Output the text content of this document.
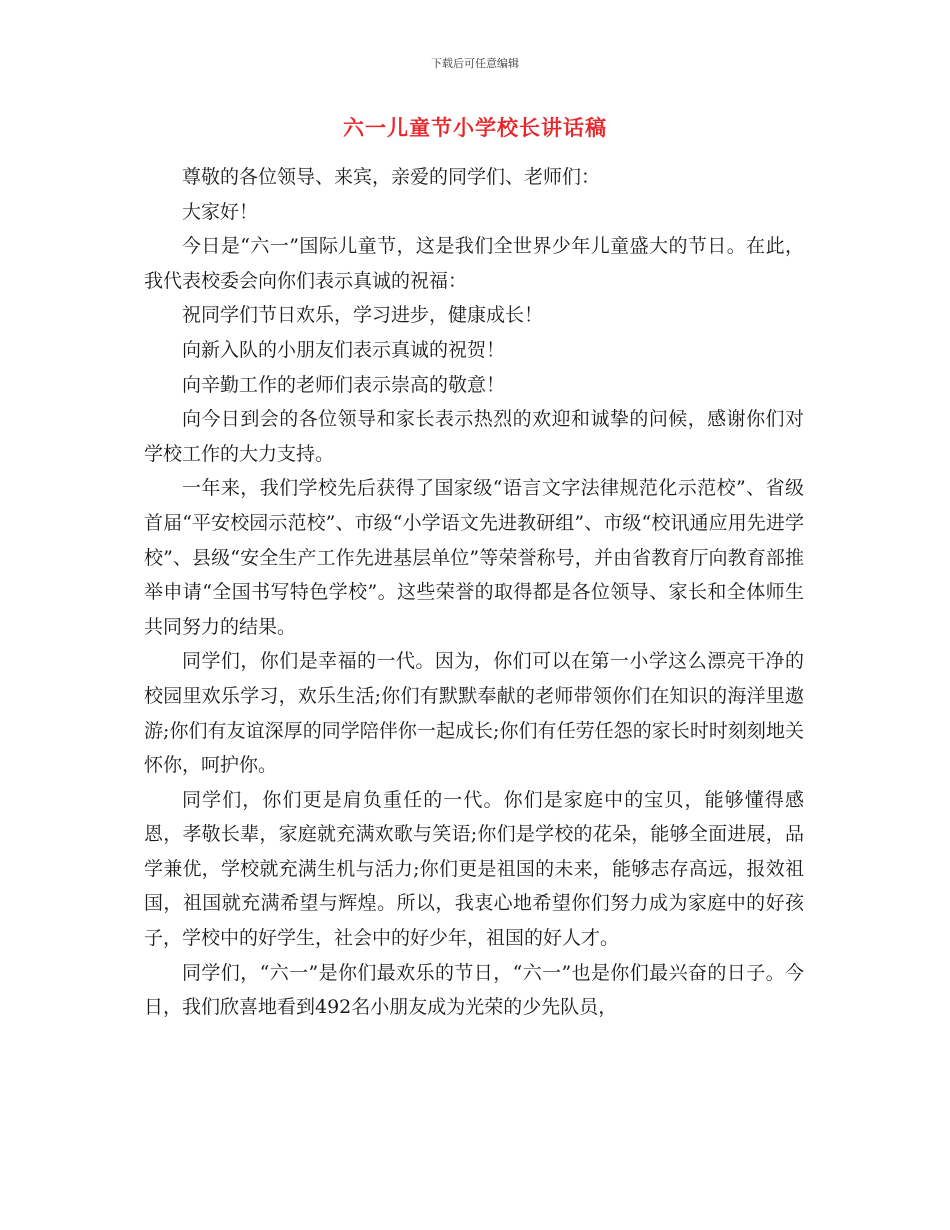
下载后可任意编辑
六一儿童节小学校长讲话稿

尊敬的各位领导、来宾，亲爱的同学们、老师们：

大家好！

今日是“六一”国际儿童节，这是我们全世界少年儿童盛大的节日。在此，我代表校委会向你们表示真诚的祝福：

祝同学们节日欢乐，学习进步，健康成长！

向新入队的小朋友们表示真诚的祝贺！

向辛勤工作的老师们表示崇高的敬意！

向今日到会的各位领导和家长表示热烈的欢迎和诚挚的问候，感谢你们对学校工作的大力支持。

一年来，我们学校先后获得了国家级“语言文字法律规范化示范校”、省级首届“平安校园示范校”、市级“小学语文先进教研组”、市级“校讯通应用先进学校”、县级“安全生产工作先进基层单位”等荣誉称号，并由省教育厅向教育部推举申请“全国书写特色学校”。这些荣誉的取得都是各位领导、家长和全体师生共同努力的结果。

同学们，你们是幸福的一代。因为，你们可以在第一小学这么漂亮干净的校园里欢乐学习，欢乐生活;你们有默默奉献的老师带领你们在知识的海洋里遨游;你们有友谊深厚的同学陪伴你一起成长;你们有任劳任怨的家长时时刻刻地关怀你，呵护你。

同学们，你们更是肩负重任的一代。你们是家庭中的宝贝，能够懂得感恩，孝敬长辈，家庭就充满欢歌与笑语;你们是学校的花朵，能够全面进展，品学兼优，学校就充满生机与活力;你们更是祖国的未来，能够志存高远，报效祖国，祖国就充满希望与辉煌。所以，我衷心地希望你们努力成为家庭中的好孩子，学校中的好学生，社会中的好少年，祖国的好人才。

同学们，“六一”是你们最欢乐的节日，“六一”也是你们最兴奋的日子。今日，我们欣喜地看到492名小朋友成为光荣的少先队员，
